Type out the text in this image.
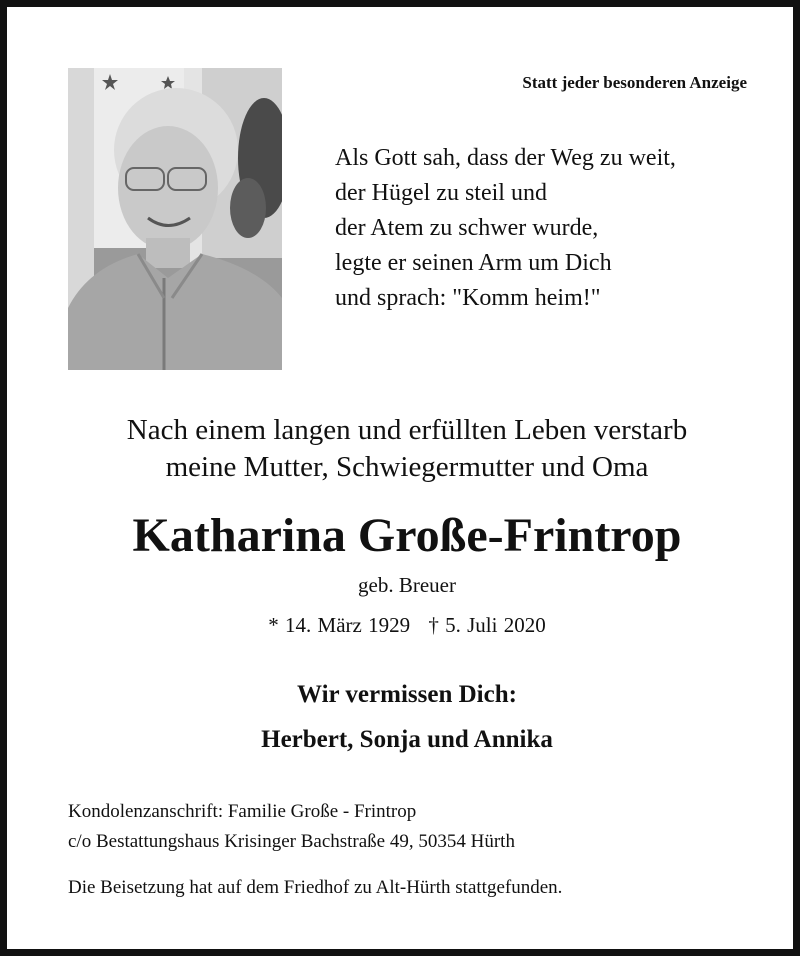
Statt jeder besonderen Anzeige
Als Gott sah, dass der Weg zu weit,
der Hügel zu steil und
der Atem zu schwer wurde,
legte er seinen Arm um Dich
und sprach: "Komm heim!"
Nach einem langen und erfüllten Leben verstarb
meine Mutter, Schwiegermutter und Oma
Katharina Große-Frintrop
geb. Breuer
* 14. März 1929 † 5. Juli 2020
Wir vermissen Dich:
Herbert, Sonja und Annika
Kondolenzanschrift: Familie Große - Frintrop
c/o Bestattungshaus Krisinger Bachstraße 49, 50354 Hürth
Die Beisetzung hat auf dem Friedhof zu Alt-Hürth stattgefunden.
